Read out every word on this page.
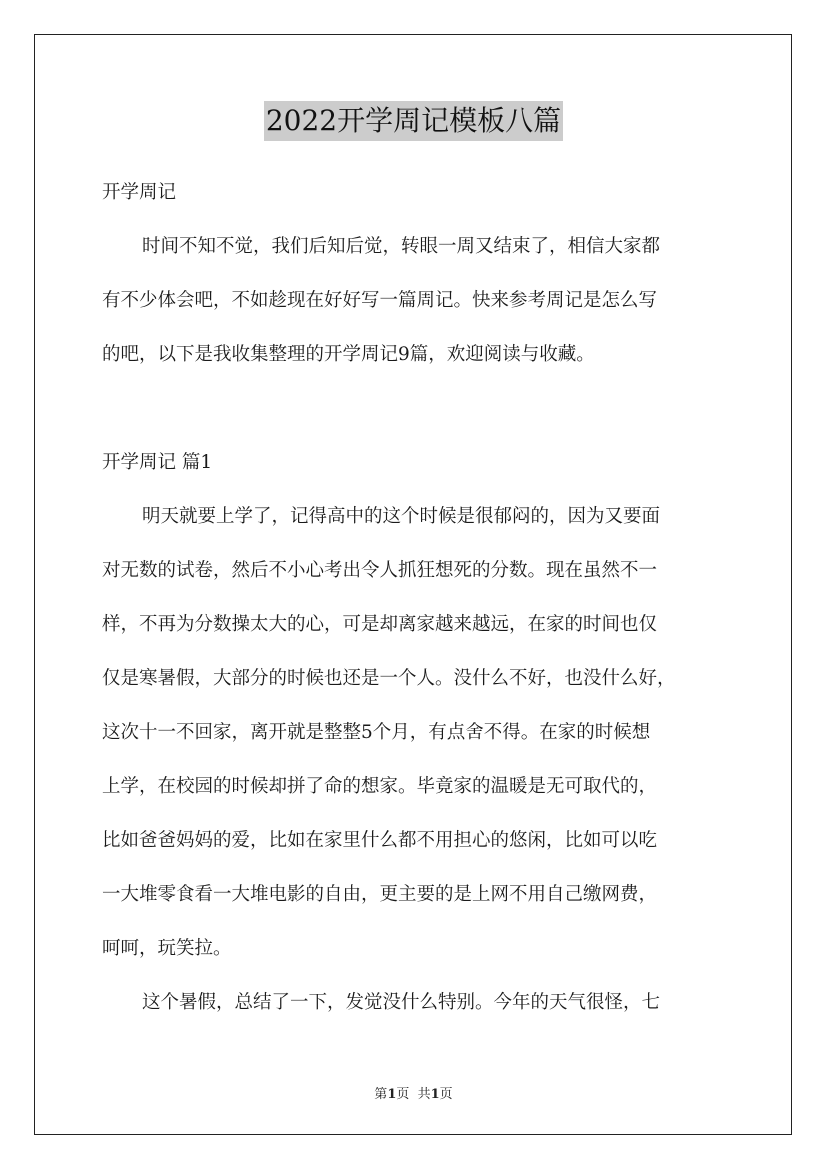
2022开学周记模板八篇
开学周记
时间不知不觉，我们后知后觉，转眼一周又结束了，相信大家都
有不少体会吧，不如趁现在好好写一篇周记。快来参考周记是怎么写
的吧，以下是我收集整理的开学周记9篇，欢迎阅读与收藏。
开学周记 篇1
明天就要上学了，记得高中的这个时候是很郁闷的，因为又要面
对无数的试卷，然后不小心考出令人抓狂想死的分数。现在虽然不一
样，不再为分数操太大的心，可是却离家越来越远，在家的时间也仅
仅是寒暑假，大部分的时候也还是一个人。没什么不好，也没什么好，
这次十一不回家，离开就是整整5个月，有点舍不得。在家的时候想
上学，在校园的时候却拼了命的想家。毕竟家的温暖是无可取代的，
比如爸爸妈妈的爱，比如在家里什么都不用担心的悠闲，比如可以吃
一大堆零食看一大堆电影的自由，更主要的是上网不用自己缴网费，
呵呵，玩笑拉。
这个暑假，总结了一下，发觉没什么特别。今年的天气很怪，七
第1页  共1页
